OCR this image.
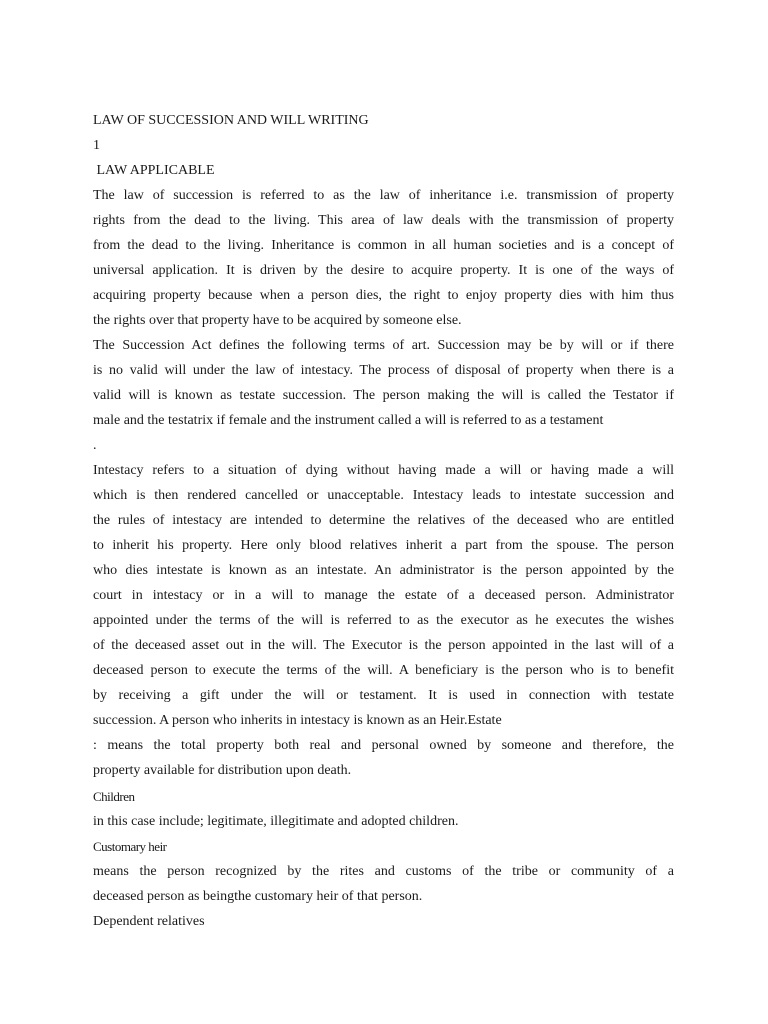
LAW OF SUCCESSION AND WILL WRITING
1
LAW APPLICABLE
The law of succession is referred to as the law of inheritance i.e. transmission of property
rights from the dead to the living. This area of law deals with the transmission of property
from the dead to the living. Inheritance is common in all human societies and is a concept of
universal application. It is driven by the desire to acquire property. It is one of the ways of
acquiring property because when a person dies, the right to enjoy property dies with him thus
the rights over that property have to be acquired by someone else.
The Succession Act defines the following terms of art. Succession may be by will or if there
is no valid will under the law of intestacy. The process of disposal of property when there is a
valid will is known as testate succession. The person making the will is called the Testator if
male and the testatrix if female and the instrument called a will is referred to as a testament
.
Intestacy refers to a situation of dying without having made a will or having made a will
which is then rendered cancelled or unacceptable. Intestacy leads to intestate succession and
the rules of intestacy are intended to determine the relatives of the deceased who are entitled
to inherit his property. Here only blood relatives inherit a part from the spouse. The person
who dies intestate is known as an intestate. An administrator is the person appointed by the
court in intestacy or in a will to manage the estate of a deceased person. Administrator
appointed under the terms of the will is referred to as the executor as he executes the wishes
of the deceased asset out in the will. The Executor is the person appointed in the last will of a
deceased person to execute the terms of the will. A beneficiary is the person who is to benefit
by receiving a gift under the will or testament. It is used in connection with testate
succession. A person who inherits in intestacy is known as an Heir.Estate
: means the total property both real and personal owned by someone and therefore, the
property available for distribution upon death.
Children
in this case include; legitimate, illegitimate and adopted children.
Customary heir
means the person recognized by the rites and customs of the tribe or community of a
deceased person as beingthe customary heir of that person.
Dependent relatives
